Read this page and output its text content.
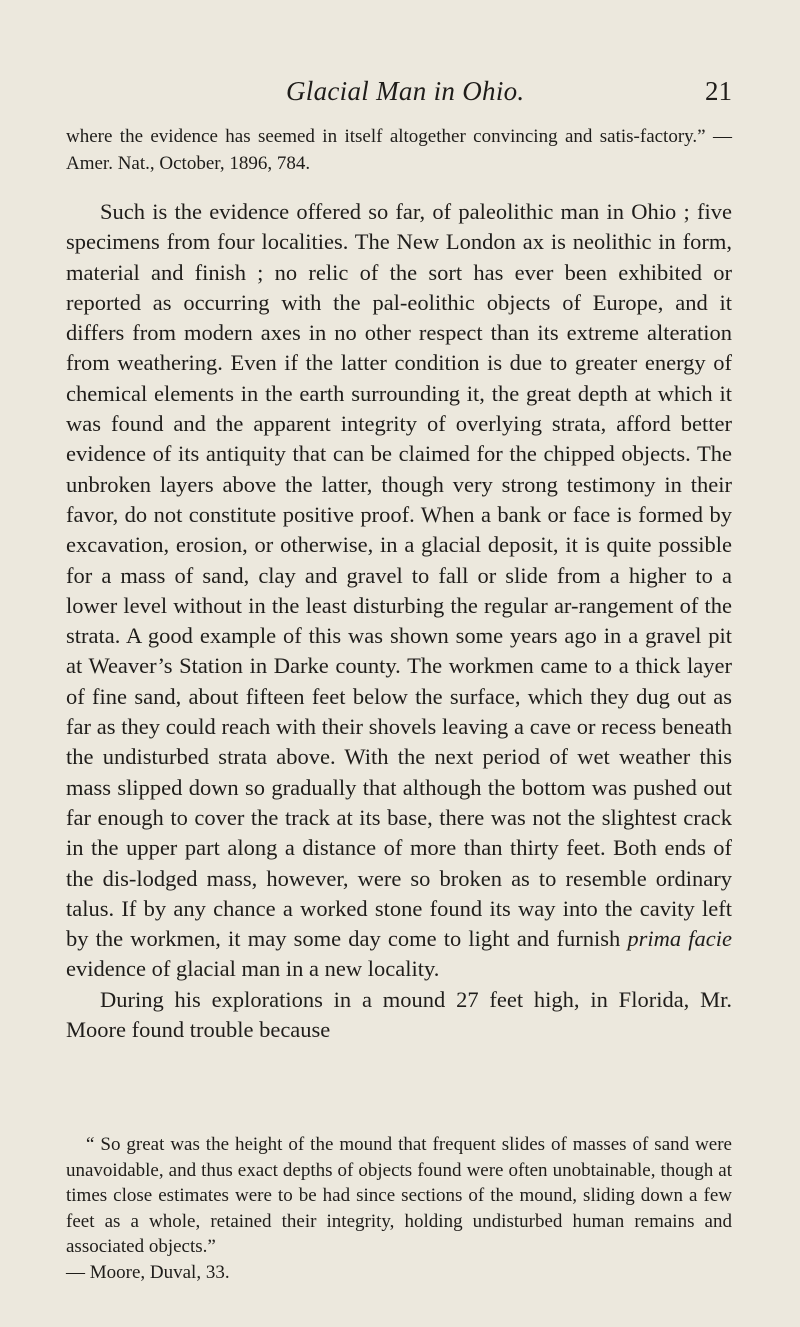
Glacial Man in Ohio.	21

where the evidence has seemed in itself altogether convincing and satis-factory.” — Amer. Nat., October, 1896, 784.

Such is the evidence offered so far, of paleolithic man in Ohio ; five specimens from four localities. The New London ax is neolithic in form, material and finish ; no relic of the sort has ever been exhibited or reported as occurring with the pal-eolithic objects of Europe, and it differs from modern axes in no other respect than its extreme alteration from weathering. Even if the latter condition is due to greater energy of chemical elements in the earth surrounding it, the great depth at which it was found and the apparent integrity of overlying strata, afford better evidence of its antiquity that can be claimed for the chipped objects. The unbroken layers above the latter, though very strong testimony in their favor, do not constitute positive proof. When a bank or face is formed by excavation, erosion, or otherwise, in a glacial deposit, it is quite possible for a mass of sand, clay and gravel to fall or slide from a higher to a lower level without in the least disturbing the regular ar-rangement of the strata. A good example of this was shown some years ago in a gravel pit at Weaver’s Station in Darke county. The workmen came to a thick layer of fine sand, about fifteen feet below the surface, which they dug out as far as they could reach with their shovels leaving a cave or recess beneath the undisturbed strata above. With the next period of wet weather this mass slipped down so gradually that although the bottom was pushed out far enough to cover the track at its base, there was not the slightest crack in the upper part along a distance of more than thirty feet. Both ends of the dis-lodged mass, however, were so broken as to resemble ordinary talus. If by any chance a worked stone found its way into the cavity left by the workmen, it may some day come to light and furnish prima facie evidence of glacial man in a new locality.

During his explorations in a mound 27 feet high, in Florida, Mr. Moore found trouble because

“ So great was the height of the mound that frequent slides of masses of sand were unavoidable, and thus exact depths of objects found were often unobtainable, though at times close estimates were to be had since sections of the mound, sliding down a few feet as a whole, retained their integrity, holding undisturbed human remains and associated objects.”
— Moore, Duval, 33.
